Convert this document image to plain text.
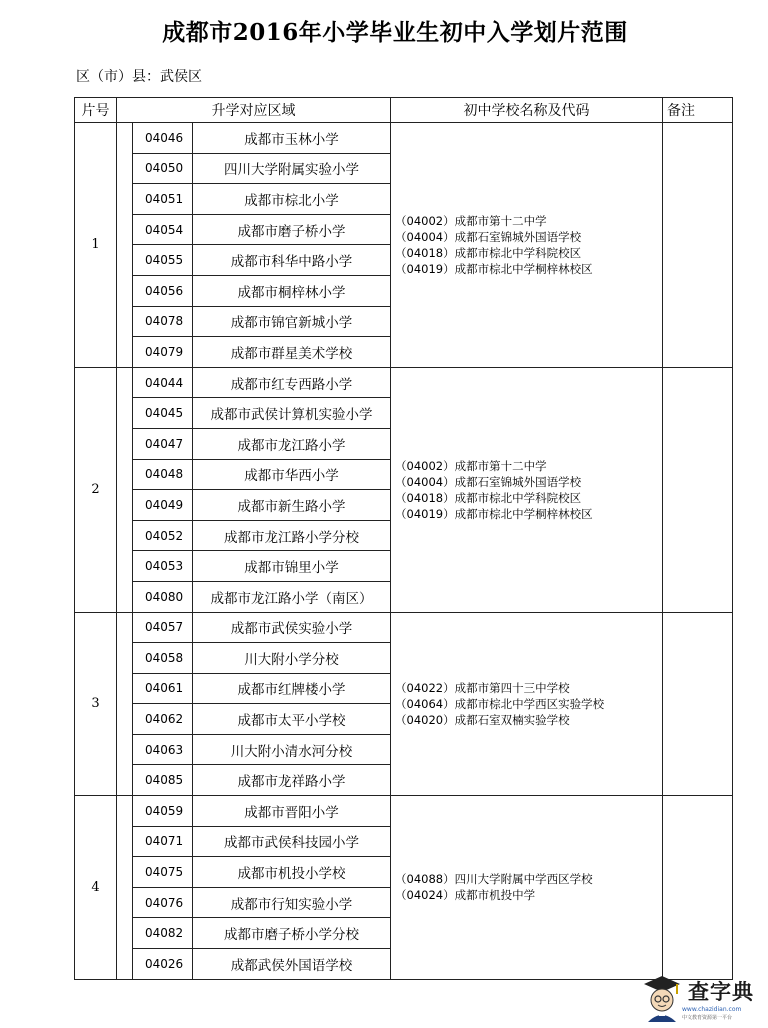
成都市2016年小学毕业生初中入学划片范围
区（市）县：武侯区
片号	升学对应区域			初中学校名称及代码	备注
1		04046	成都市玉林小学	（04002）成都市第十二中学
（04004）成都石室锦城外国语学校
（04018）成都市棕北中学科院校区
（04019）成都市棕北中学桐梓林校区	

		04050	四川大学附属实验小学		
		04051	成都市棕北小学		
		04054	成都市磨子桥小学		
		04055	成都市科华中路小学		
		04056	成都市桐梓林小学		
		04078	成都市锦官新城小学		
		04079	成都市群星美术学校		
2		04044	成都市红专西路小学	（04002）成都市第十二中学
（04004）成都石室锦城外国语学校
（04018）成都市棕北中学科院校区
（04019）成都市棕北中学桐梓林校区	

		04045	成都市武侯计算机实验小学		
		04047	成都市龙江路小学		
		04048	成都市华西小学		
		04049	成都市新生路小学		
		04052	成都市龙江路小学分校		
		04053	成都市锦里小学		
		04080	成都市龙江路小学（南区）		
3		04057	成都市武侯实验小学	（04022）成都市第四十三中学校
（04064）成都市棕北中学西区实验学校
（04020）成都石室双楠实验学校	

		04058	川大附小学分校		
		04061	成都市红牌楼小学		
		04062	成都市太平小学校		
		04063	川大附小清水河分校		
		04085	成都市龙祥路小学		
4		04059	成都市晋阳小学	（04088）四川大学附属中学西区学校
（04024）成都市机投中学	

		04071	成都市武侯科技园小学		
		04075	成都市机投小学校		
		04076	成都市行知实验小学		
		04082	成都市磨子桥小学分校		
		04026	成都武侯外国语学校		
查字典
www.chazidian.com
中文教育资源第一平台
